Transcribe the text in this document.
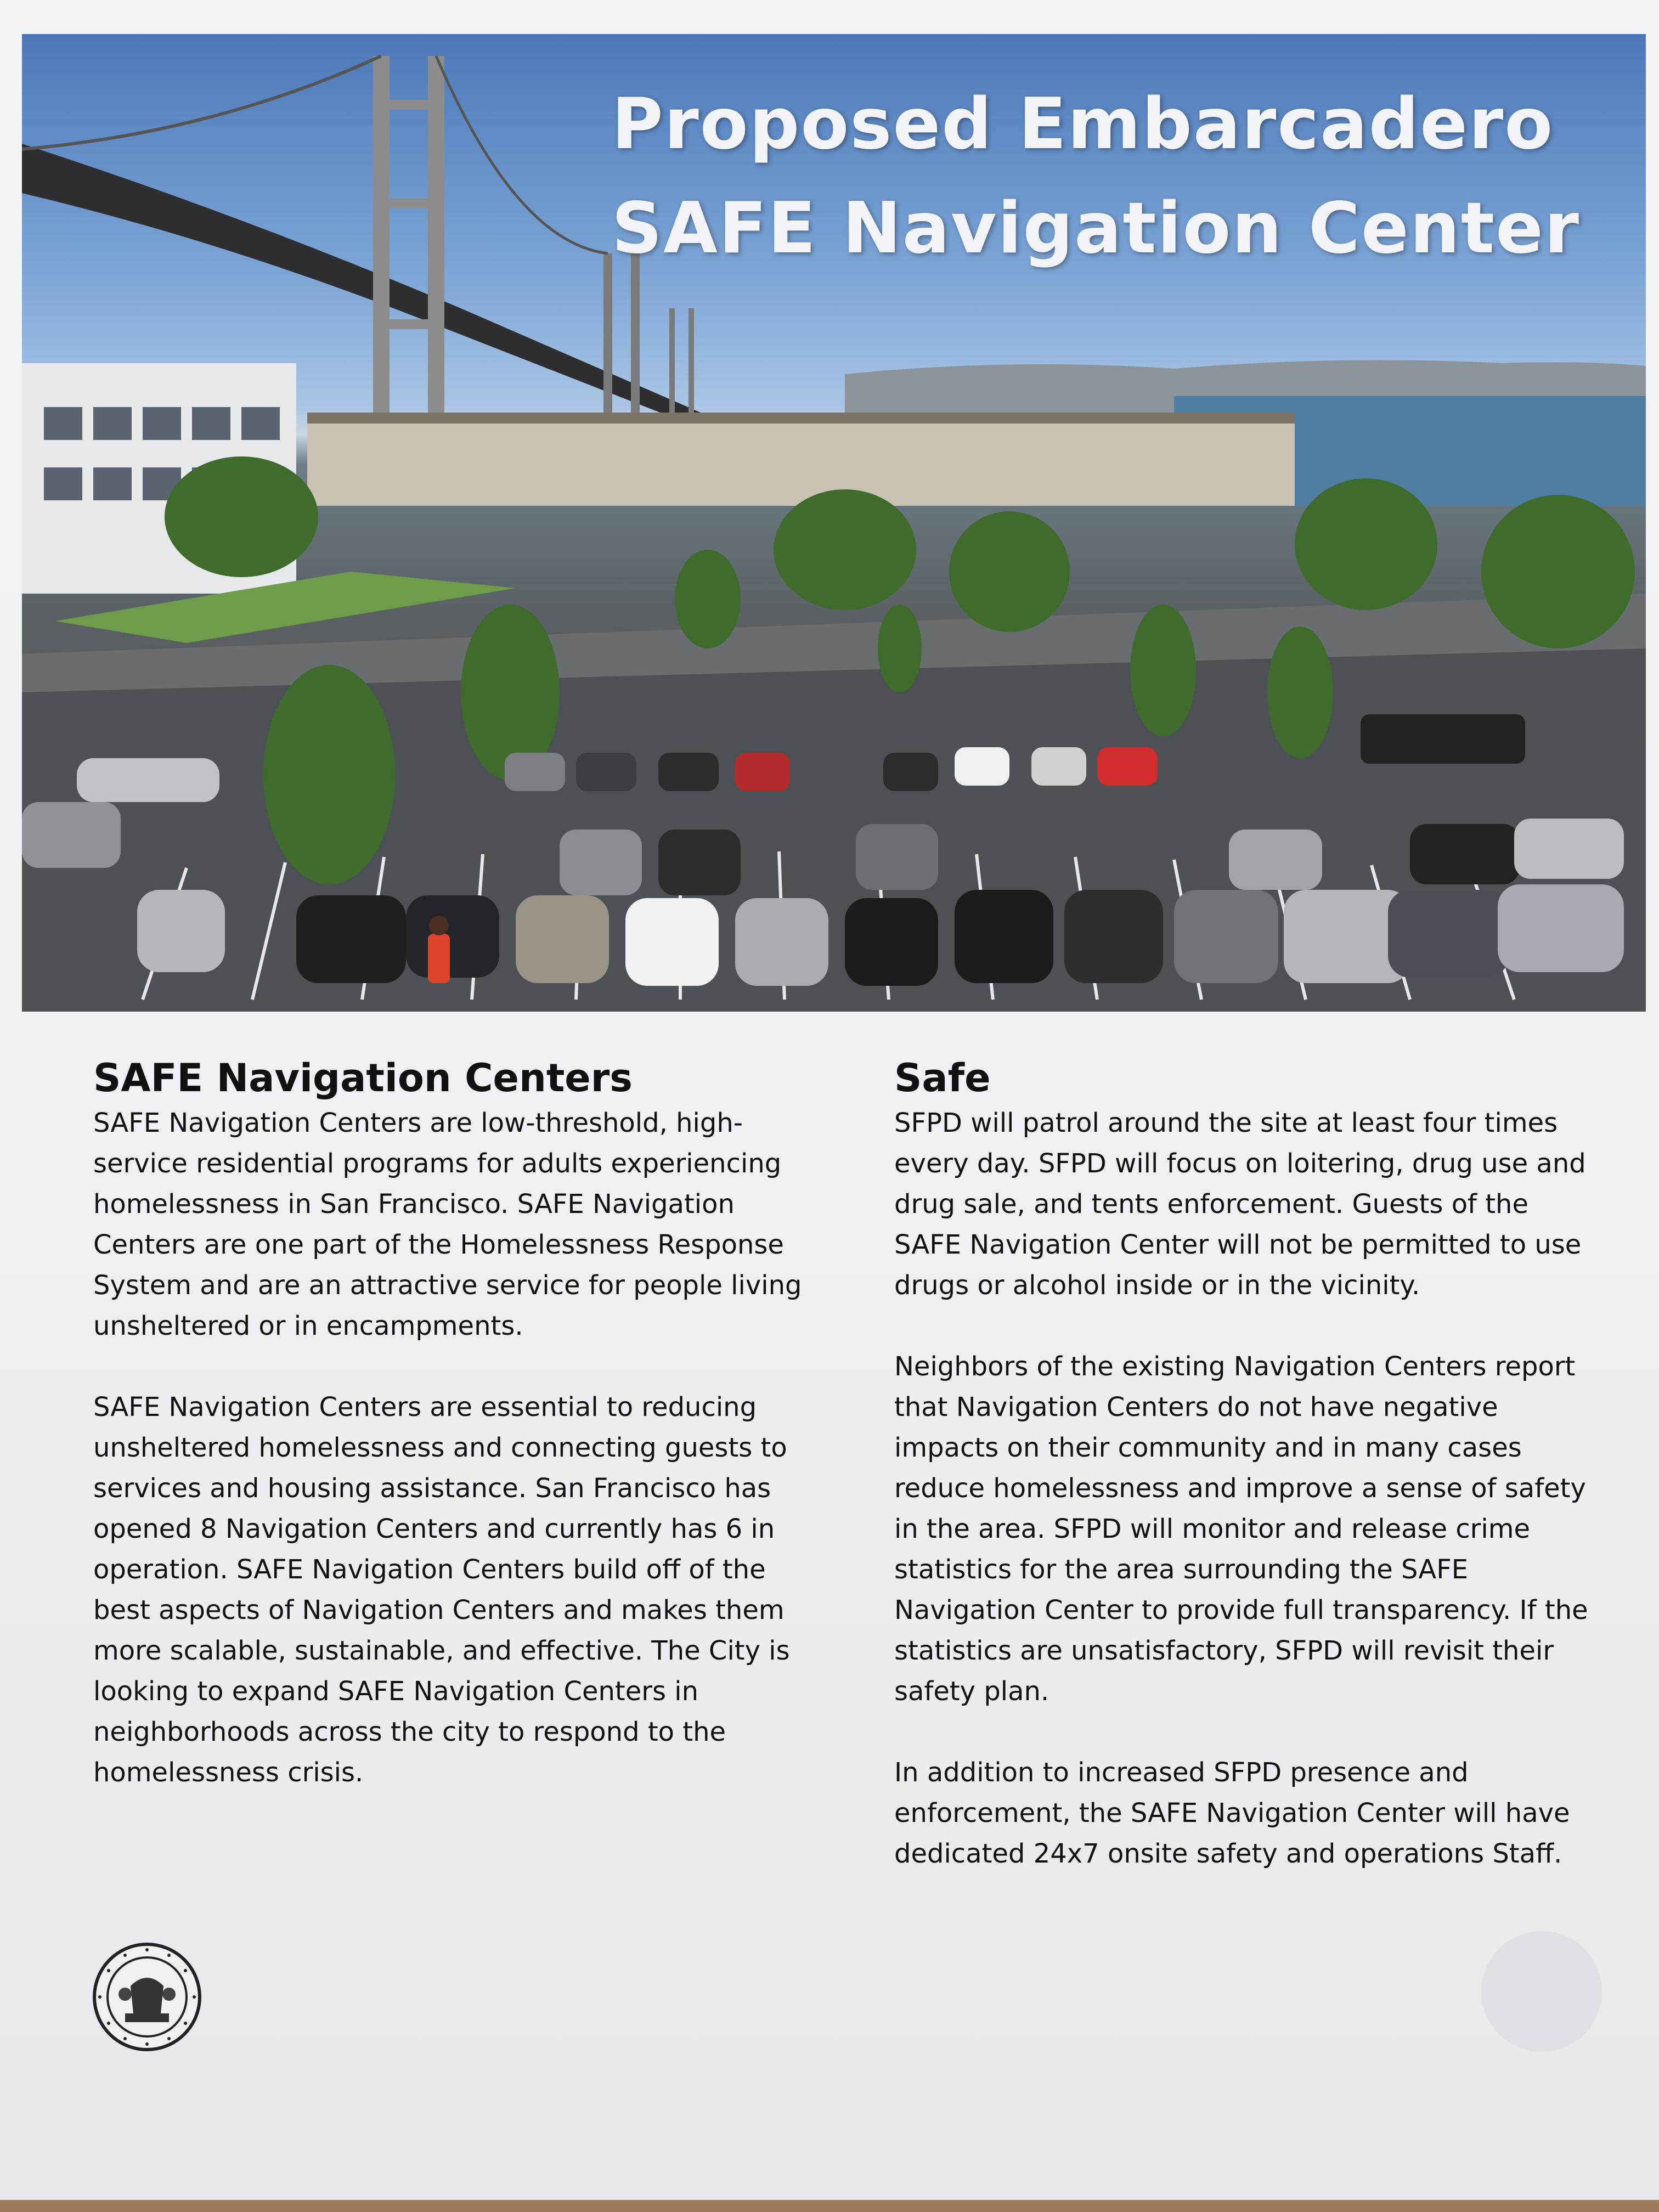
Proposed Embarcadero
SAFE Navigation Center
SAFE Navigation Centers

SAFE Navigation Centers are low-threshold, high-service residential programs for adults experiencing homelessness in San Francisco. SAFE Navigation Centers are one part of the Homelessness Response System and are an attractive service for people living unsheltered or in encampments.

SAFE Navigation Centers are essential to reducing unsheltered homelessness and connecting guests to services and housing assistance. San Francisco has opened 8 Navigation Centers and currently has 6 in operation. SAFE Navigation Centers build off of the best aspects of Navigation Centers and makes them more scalable, sustainable, and effective. The City is looking to expand SAFE Navigation Centers in neighborhoods across the city to respond to the homelessness crisis.

Safe

SFPD will patrol around the site at least four times every day. SFPD will focus on loitering, drug use and drug sale, and tents enforcement. Guests of the SAFE Navigation Center will not be permitted to use drugs or alcohol inside or in the vicinity.

Neighbors of the existing Navigation Centers report that Navigation Centers do not have negative impacts on their community and in many cases reduce homelessness and improve a sense of safety in the area. SFPD will monitor and release crime statistics for the area surrounding the SAFE Navigation Center to provide full transparency. If the statistics are unsatisfactory, SFPD will revisit their safety plan.

In addition to increased SFPD presence and enforcement, the SAFE Navigation Center will have dedicated 24x7 onsite safety and operations Staff.
